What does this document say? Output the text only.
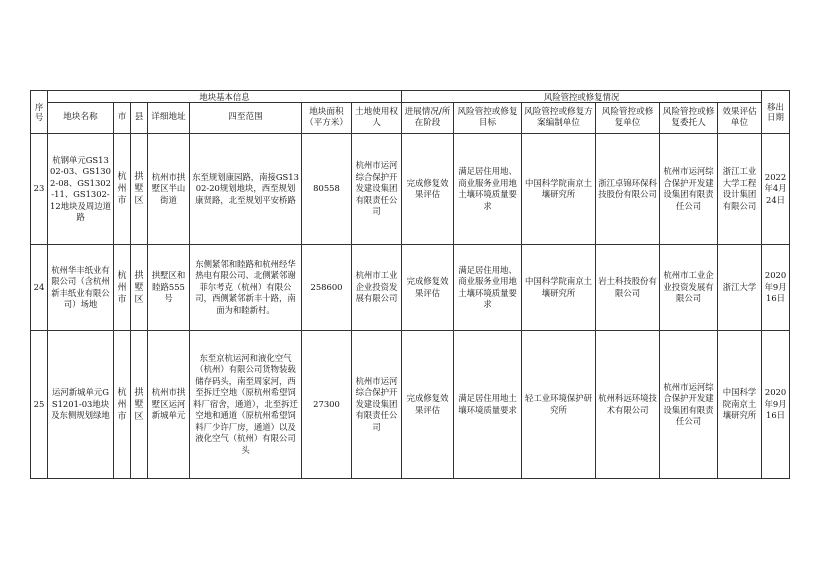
序号	地块基本信息							风险管控或修复情况						移出日期
	地块名称	市	县	详细地址	四至范围	地块面积（平方米）	土地使用权人	进展情况/所在阶段	风险管控或修复目标	风险管控或修复方案编制单位	风险管控或修复单位	风险管控或修复委托人	效果评估单位	
23	杭钢单元GS1302-03、GS1302-08、GS1302-11、GS1302-12地块及周边道路	杭州市	拱墅区	杭州市拱墅区半山街道	东至规划康园路，南接GS1302-20规划地块，西至规划康贤路，北至规划平安桥路	80558	杭州市运河综合保护开发建设集团有限责任公司	完成修复效果评估	满足居住用地、商业服务业用地土壤环境质量要求	中国科学院南京土壤研究所	浙江卓锦环保科技股份有限公司	杭州市运河综合保护开发建设集团有限责任公司	浙江工业大学工程设计集团有限公司	2022年4月24日
24	杭州华丰纸业有限公司（含杭州新丰纸业有限公司）场地	杭州市	拱墅区	拱墅区和睦路555号	东侧紧邻和睦路和杭州经华热电有限公司、北侧紧邻谢菲尔考克（杭州）有限公司，西侧紧邻新丰十路，南面为和睦新村。	258600	杭州市工业企业投资发展有限公司	完成修复效果评估	满足居住用地、商业服务业用地土壤环境质量要求	中国科学院南京土壤研究所	岩土科技股份有限公司	杭州市工业企业投资发展有限公司	浙江大学	2020年9月16日
25	运河新城单元GS1201-03地块及东侧规划绿地	杭州市	拱墅区	杭州市拱墅区运河新城单元	东至京杭运河和液化空气（杭州）有限公司货物装载储存码头，南至周家河，西至拆迁空地（原杭州希望饲料厂宿舍，通道），北至拆迁空地和通道（原杭州希望饲料厂少许厂房，通道）以及液化空气（杭州）有限公司头	27300	杭州市运河综合保护开发建设集团有限责任公司	完成修复效果评估	满足居住用地土壤环境质量要求	轻工业环境保护研究所	杭州科远环境技术有限公司	杭州市运河综合保护开发建设集团有限责任公司	中国科学院南京土壤研究所	2020年9月16日
